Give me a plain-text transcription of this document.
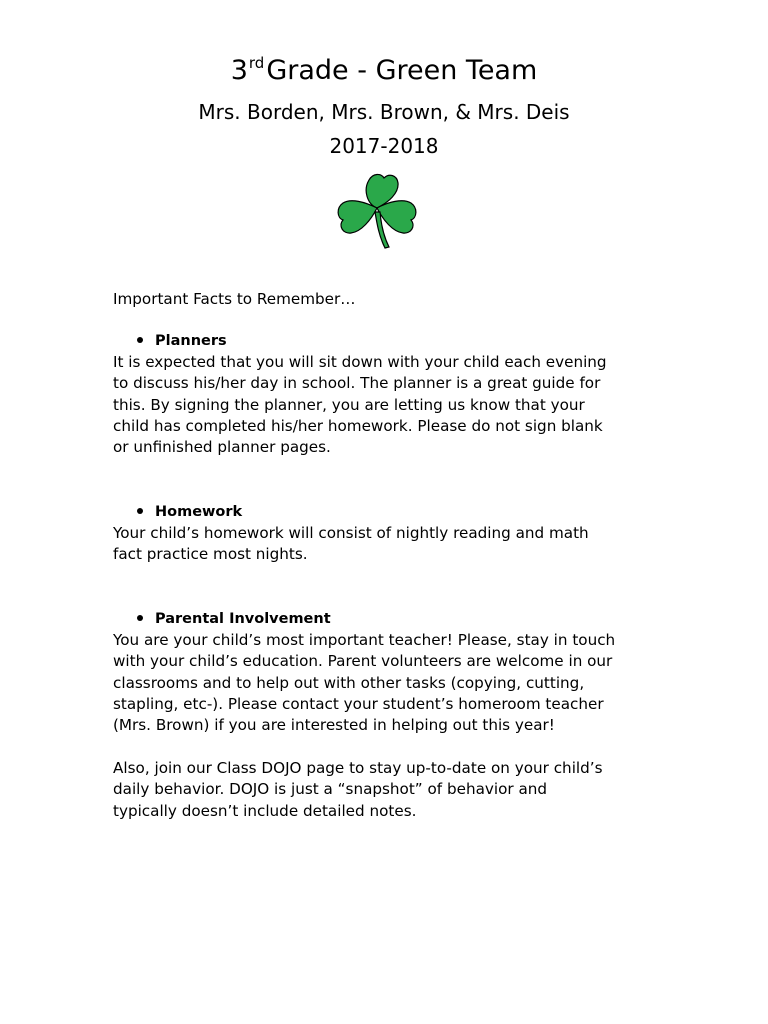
3rdGrade - Green Team
Mrs. Borden, Mrs. Brown, & Mrs. Deis
2017-2018
Important Facts to Remember…
Planners
It is expected that you will sit down with your child each evening
to discuss his/her day in school. The planner is a great guide for
this. By signing the planner, you are letting us know that your
child has completed his/her homework. Please do not sign blank
or unfinished planner pages.
Homework
Your child’s homework will consist of nightly reading and math
fact practice most nights.
Parental Involvement
You are your child’s most important teacher! Please, stay in touch
with your child’s education. Parent volunteers are welcome in our
classrooms and to help out with other tasks (copying, cutting,
stapling, etc-). Please contact your student’s homeroom teacher
(Mrs. Brown) if you are interested in helping out this year!
Also, join our Class DOJO page to stay up-to-date on your child’s
daily behavior. DOJO is just a “snapshot” of behavior and
typically doesn’t include detailed notes.
